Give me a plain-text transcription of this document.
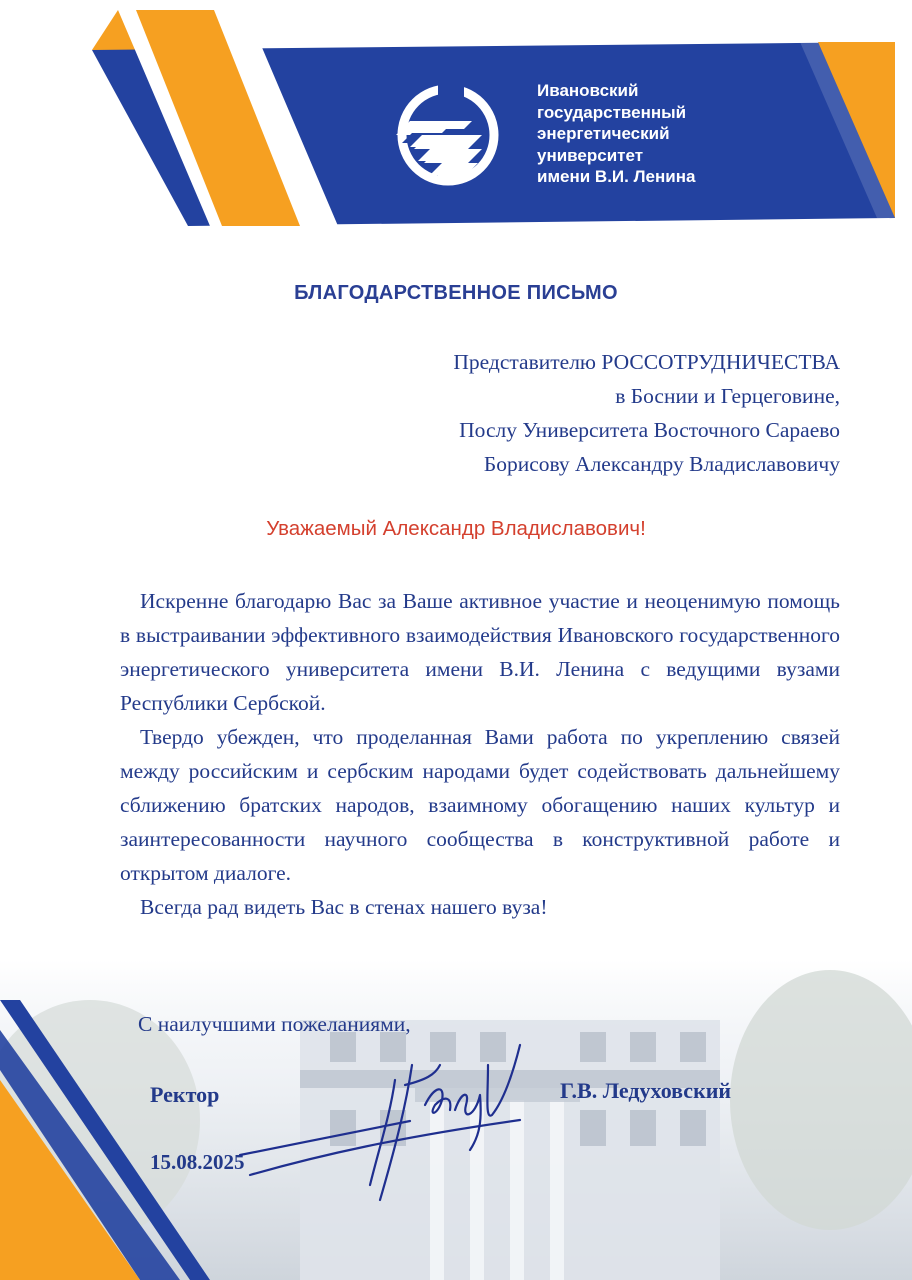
Ивановский
государственный
энергетический
университет
имени В.И. Ленина
БЛАГОДАРСТВЕННОЕ ПИСЬМО
Представителю РОССОТРУДНИЧЕСТВА
в Боснии и Герцеговине,
Послу Университета Восточного Сараево
Борисову Александру Владиславовичу
Уважаемый Александр Владиславович!

Искренне благодарю Вас за Ваше активное участие и неоценимую помощь в выстраивании эффективного взаимодействия Ивановского государственного энергетического университета имени В.И. Ленина с ведущими вузами Республики Сербской.

Твердо убежден, что проделанная Вами работа по укреплению связей между российским и сербским народами будет содействовать дальнейшему сближению братских народов, взаимному обогащению наших культур и заинтересованности научного сообщества в конструктивной работе и открытом диалоге.

Всегда рад видеть Вас в стенах нашего вуза!

С наилучшими пожеланиями,
Ректор	Г.В. Ледуховский
15.08.2025
